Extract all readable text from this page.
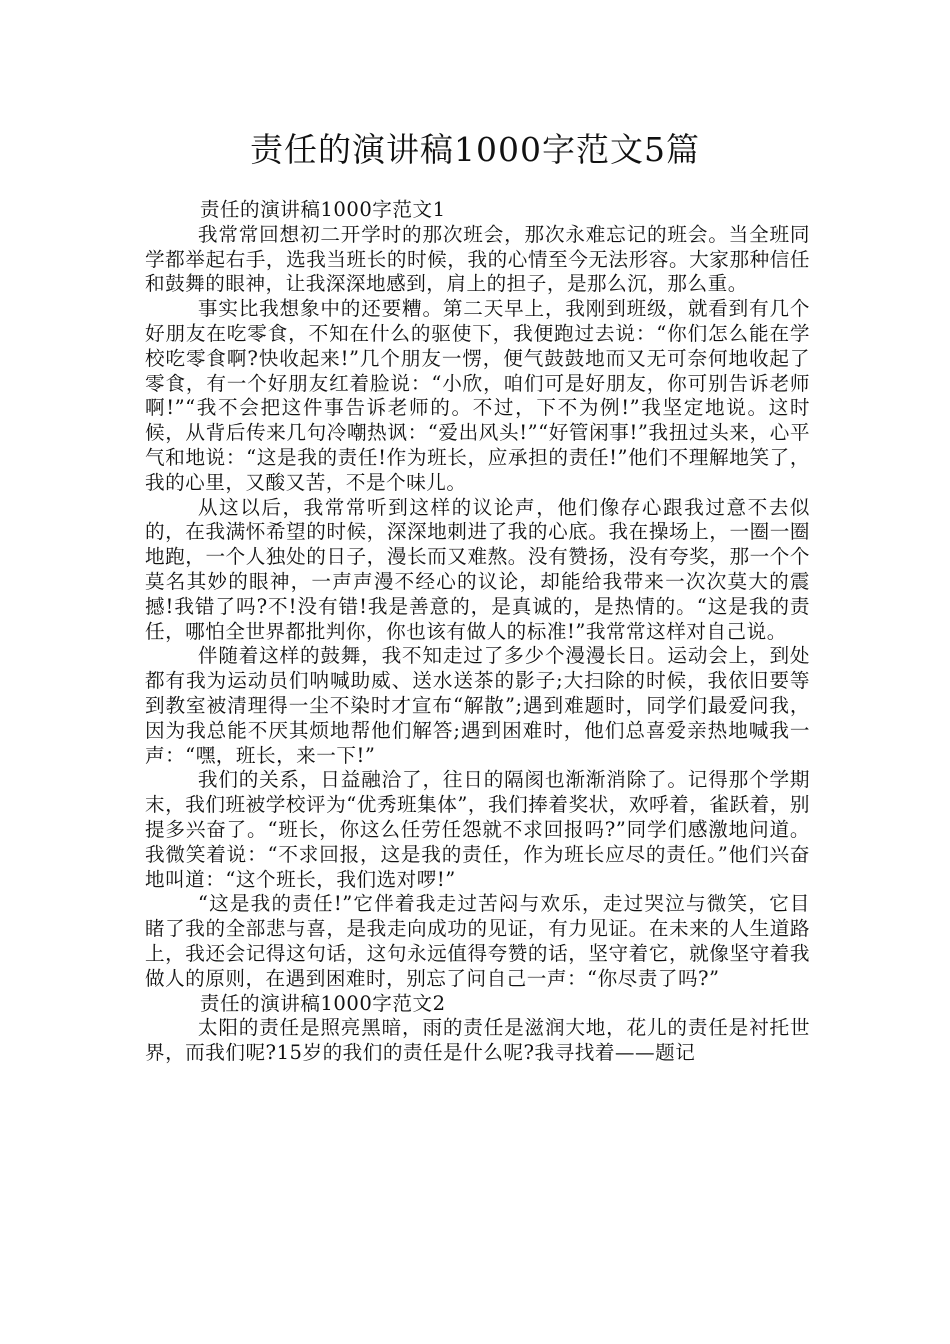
责任的演讲稿1000字范文5篇

责任的演讲稿1000字范文1

我常常回想初二开学时的那次班会，那次永难忘记的班会。当全班同学都举起右手，选我当班长的时候，我的心情至今无法形容。大家那种信任和鼓舞的眼神，让我深深地感到，肩上的担子，是那么沉，那么重。

事实比我想象中的还要糟。第二天早上，我刚到班级，就看到有几个好朋友在吃零食，不知在什么的驱使下，我便跑过去说：“你们怎么能在学校吃零食啊?快收起来!”几个朋友一愣，便气鼓鼓地而又无可奈何地收起了零食，有一个好朋友红着脸说：“小欣，咱们可是好朋友，你可别告诉老师啊!”“我不会把这件事告诉老师的。不过，下不为例!”我坚定地说。这时候，从背后传来几句冷嘲热讽：“爱出风头!”“好管闲事!”我扭过头来，心平气和地说：“这是我的责任!作为班长，应承担的责任!”他们不理解地笑了，我的心里，又酸又苦，不是个味儿。

从这以后，我常常听到这样的议论声，他们像存心跟我过意不去似的，在我满怀希望的时候，深深地刺进了我的心底。我在操场上，一圈一圈地跑，一个人独处的日子，漫长而又难熬。没有赞扬，没有夸奖，那一个个莫名其妙的眼神，一声声漫不经心的议论，却能给我带来一次次莫大的震撼!我错了吗?不!没有错!我是善意的，是真诚的，是热情的。“这是我的责任，哪怕全世界都批判你，你也该有做人的标准!”我常常这样对自己说。

伴随着这样的鼓舞，我不知走过了多少个漫漫长日。运动会上，到处都有我为运动员们呐喊助威、送水送茶的影子;大扫除的时候，我依旧要等到教室被清理得一尘不染时才宣布“解散”;遇到难题时，同学们最爱问我，因为我总能不厌其烦地帮他们解答;遇到困难时，他们总喜爱亲热地喊我一声：“嘿，班长，来一下!”

我们的关系，日益融洽了，往日的隔阂也渐渐消除了。记得那个学期末，我们班被学校评为“优秀班集体”，我们捧着奖状，欢呼着，雀跃着，别提多兴奋了。“班长，你这么任劳任怨就不求回报吗?”同学们感激地问道。我微笑着说：“不求回报，这是我的责任，作为班长应尽的责任。”他们兴奋地叫道：“这个班长，我们选对啰!”

“这是我的责任!”它伴着我走过苦闷与欢乐，走过哭泣与微笑，它目睹了我的全部悲与喜，是我走向成功的见证，有力见证。在未来的人生道路上，我还会记得这句话，这句永远值得夸赞的话，坚守着它，就像坚守着我做人的原则，在遇到困难时，别忘了问自己一声：“你尽责了吗?”

责任的演讲稿1000字范文2

太阳的责任是照亮黑暗，雨的责任是滋润大地，花儿的责任是衬托世界，而我们呢?15岁的我们的责任是什么呢?我寻找着——题记
